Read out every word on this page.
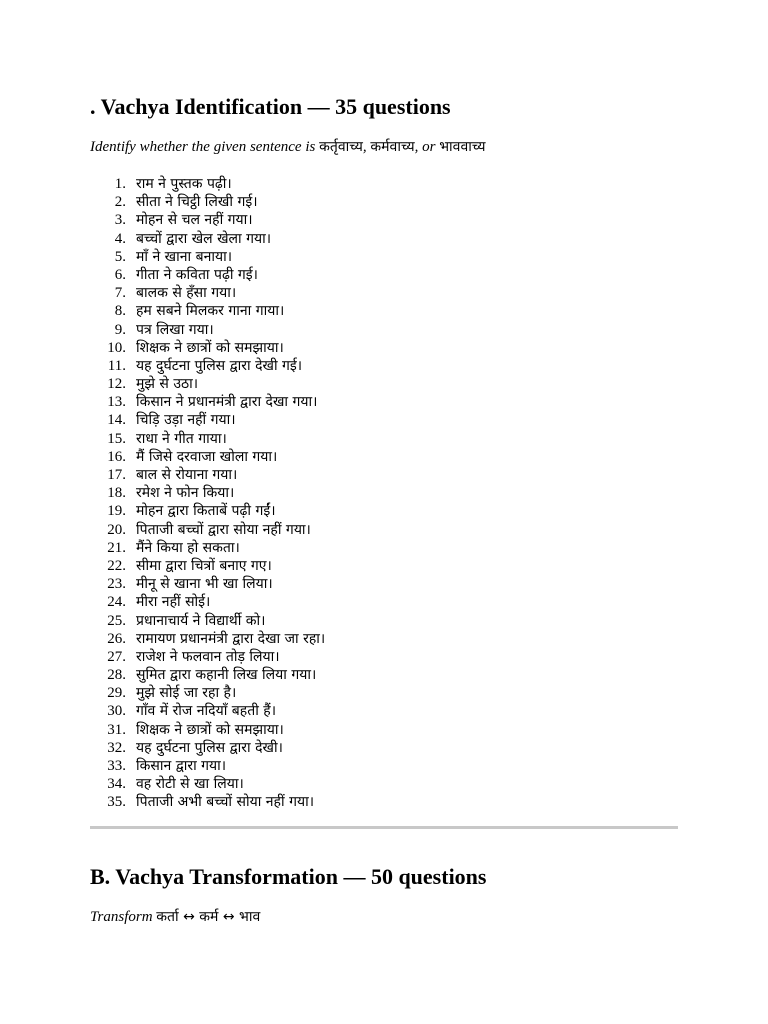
. Vachya Identification — 35 questions
Identify whether the given sentence is कर्तृवाच्य, कर्मवाच्य, or भाववाच्य
1. राम ने पुस्तक पढ़ी।
2. सीता ने चिट्ठी लिखी गई।
3. मोहन से चल नहीं गया।
4. बच्चों द्वारा खेल खेला गया।
5. माँ ने खाना बनाया।
6. गीता ने कविता पढ़ी गई।
7. बालक से हँसा गया।
8. हम सबने मिलकर गाना गाया।
9. पत्र लिखा गया।
10. शिक्षक ने छात्रों को समझाया।
11. यह दुर्घटना पुलिस द्वारा देखी गई।
12. मुझे से उठा।
13. किसान ने प्रधानमंत्री द्वारा देखा गया।
14. चिड़ि उड़ा नहीं गया।
15. राधा ने गीत गाया।
16. मैं जिसे दरवाजा खोला गया।
17. बाल से रोयाना गया।
18. रमेश ने फोन किया।
19. मोहन द्वारा किताबें पढ़ी गईं।
20. पिताजी बच्चों द्वारा सोया नहीं गया।
21. मैंने किया हो सकता।
22. सीमा द्वारा चित्रों बनाए गए।
23. मीनू से खाना भी खा लिया।
24. मीरा नहीं सोई।
25. प्रधानाचार्य ने विद्यार्थी को।
26. रामायण प्रधानमंत्री द्वारा देखा जा रहा।
27. राजेश ने फलवान तोड़ लिया।
28. सुमित द्वारा कहानी लिख लिया गया।
29. मुझे सोई जा रहा है।
30. गाँव में रोज नदियाँ बहती हैं।
31. शिक्षक ने छात्रों को समझाया।
32. यह दुर्घटना पुलिस द्वारा देखी।
33. किसान द्वारा गया।
34. वह रोटी से खा लिया।
35. पिताजी अभी बच्चों सोया नहीं गया।
B. Vachya Transformation — 50 questions
Transform कर्ता ↔ कर्म ↔ भाव
